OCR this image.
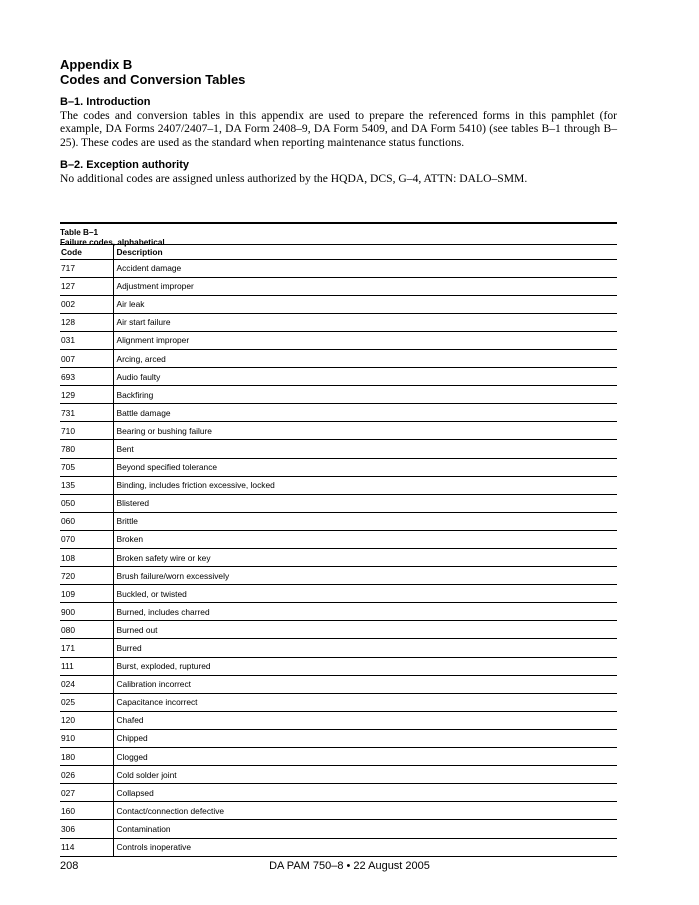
Appendix B
Codes and Conversion Tables
B–1. Introduction
The codes and conversion tables in this appendix are used to prepare the referenced forms in this pamphlet (for example, DA Forms 2407/2407–1, DA Form 2408–9, DA Form 5409, and DA Form 5410) (see tables B–1 through B–25). These codes are used as the standard when reporting maintenance status functions.
B–2. Exception authority
No additional codes are assigned unless authorized by the HQDA, DCS, G–4, ATTN: DALO–SMM.
Table B–1
Failure codes, alphabetical
Code	Description
717	Accident damage
127	Adjustment improper
002	Air leak
128	Air start failure
031	Alignment improper
007	Arcing, arced
693	Audio faulty
129	Backfiring
731	Battle damage
710	Bearing or bushing failure
780	Bent
705	Beyond specified tolerance
135	Binding, includes friction excessive, locked
050	Blistered
060	Brittle
070	Broken
108	Broken safety wire or key
720	Brush failure/worn excessively
109	Buckled, or twisted
900	Burned, includes charred
080	Burned out
171	Burred
111	Burst, exploded, ruptured
024	Calibration incorrect
025	Capacitance incorrect
120	Chafed
910	Chipped
180	Clogged
026	Cold solder joint
027	Collapsed
160	Contact/connection defective
306	Contamination
114	Controls inoperative
DA PAM 750–8 • 22 August 2005
208
